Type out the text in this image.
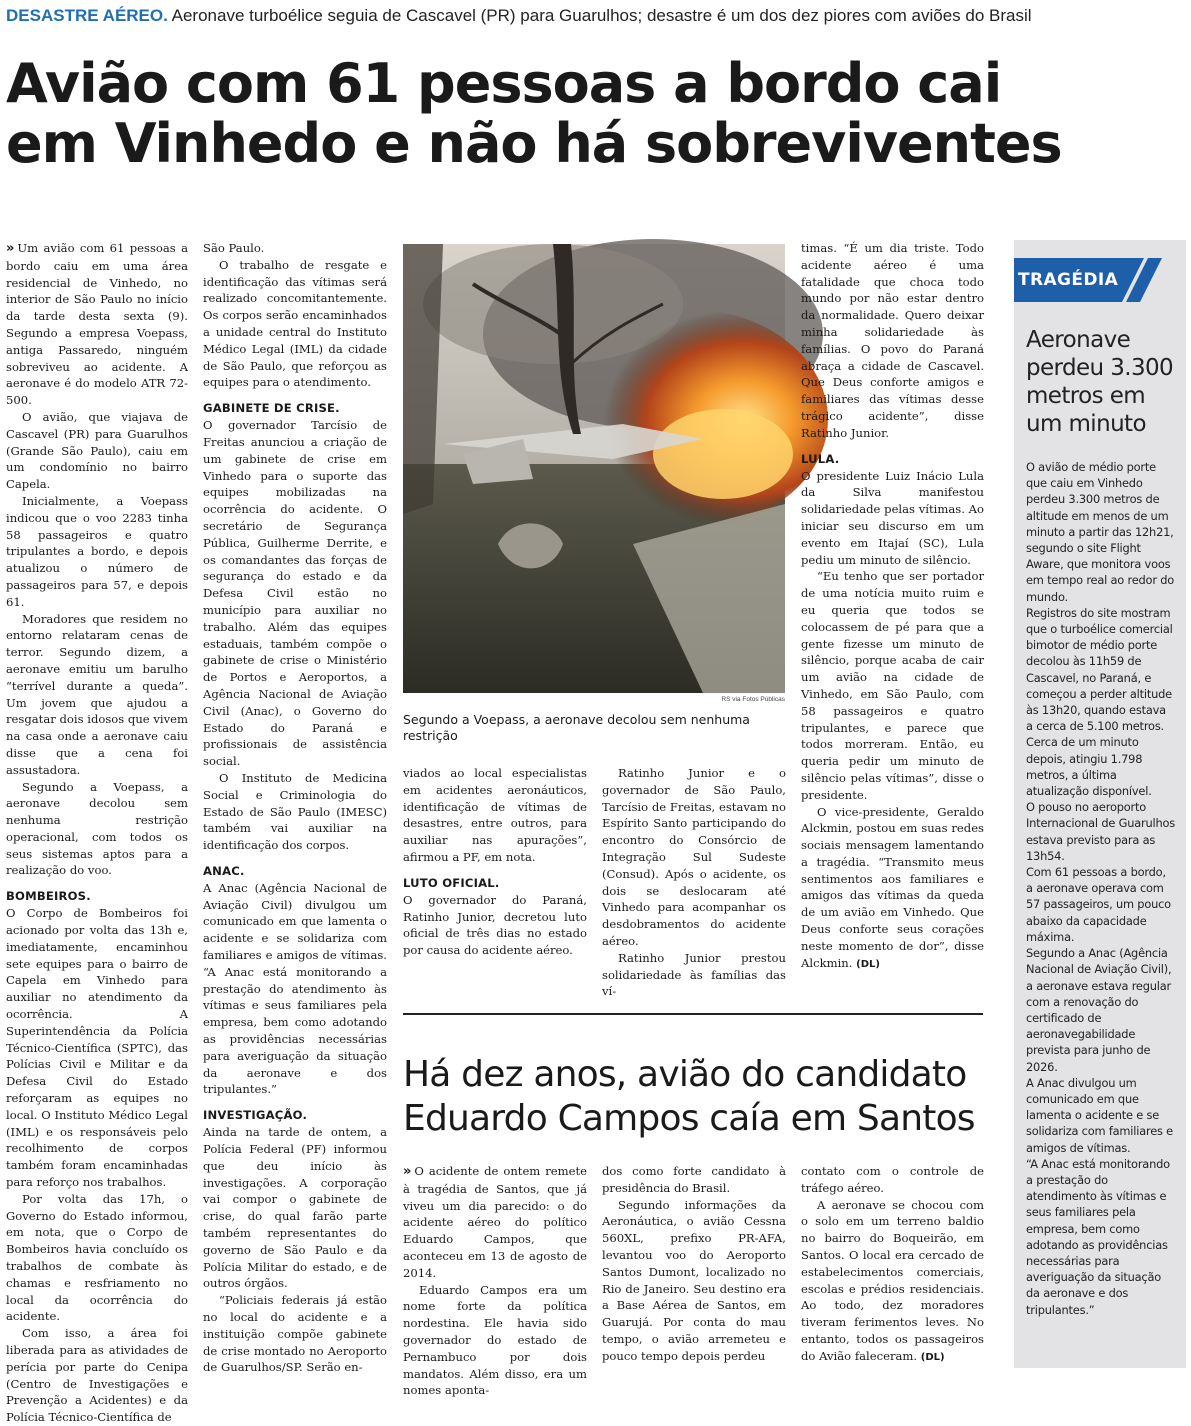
DESASTRE AÉREO. Aeronave turboélice seguia de Cascavel (PR) para Guarulhos; desastre é um dos dez piores com aviões do Brasil
Avião com 61 pessoas a bordo cai
em Vinhedo e não há sobreviventes

» Um avião com 61 pessoas a bordo caiu em uma área residencial de Vinhedo, no interior de São Paulo no início da tarde desta sexta (9). Segundo a empresa Voepass, antiga Passaredo, ninguém sobreviveu ao acidente. A aeronave é do modelo ATR 72-500.

O avião, que viajava de Cascavel (PR) para Guarulhos (Grande São Paulo), caiu em um condomínio no bairro Capela.

Inicialmente, a Voepass indicou que o voo 2283 tinha 58 passageiros e quatro tripulantes a bordo, e depois atualizou o número de passageiros para 57, e depois 61.

Moradores que residem no entorno relataram cenas de terror. Segundo dizem, a aeronave emitiu um barulho “terrível durante a queda”. Um jovem que ajudou a resgatar dois idosos que vivem na casa onde a aeronave caiu disse que a cena foi assustadora.

Segundo a Voepass, a aeronave decolou sem nenhuma restrição operacional, com todos os seus sistemas aptos para a realização do voo.

BOMBEIROS.

O Corpo de Bombeiros foi acionado por volta das 13h e, imediatamente, encaminhou sete equipes para o bairro de Capela em Vinhedo para auxiliar no atendimento da ocorrência. A Superintendência da Polícia Técnico-Científica (SPTC), das Polícias Civil e Militar e da Defesa Civil do Estado reforçaram as equipes no local. O Instituto Médico Legal (IML) e os responsáveis pelo recolhimento de corpos também foram encaminhadas para reforço nos trabalhos.

Por volta das 17h, o Governo do Estado informou, em nota, que o Corpo de Bombeiros havia concluído os trabalhos de combate às chamas e resfriamento no local da ocorrência do acidente.

Com isso, a área foi liberada para as atividades de perícia por parte do Cenipa (Centro de Investigações e Prevenção a Acidentes) e da Polícia Técnico-Científica de

São Paulo.

O trabalho de resgate e identificação das vítimas será realizado concomitantemente. Os corpos serão encaminhados a unidade central do Instituto Médico Legal (IML) da cidade de São Paulo, que reforçou as equipes para o atendimento.

GABINETE DE CRISE.

O governador Tarcísio de Freitas anunciou a criação de um gabinete de crise em Vinhedo para o suporte das equipes mobilizadas na ocorrência do acidente. O secretário de Segurança Pública, Guilherme Derrite, e os comandantes das forças de segurança do estado e da Defesa Civil estão no município para auxiliar no trabalho. Além das equipes estaduais, também compõe o gabinete de crise o Ministério de Portos e Aeroportos, a Agência Nacional de Aviação Civil (Anac), o Governo do Estado do Paraná e profissionais de assistência social.

O Instituto de Medicina Social e Criminologia do Estado de São Paulo (IMESC) também vai auxiliar na identificação dos corpos.

ANAC.

A Anac (Agência Nacional de Aviação Civil) divulgou um comunicado em que lamenta o acidente e se solidariza com familiares e amigos de vítimas. “A Anac está monitorando a prestação do atendimento às vítimas e seus familiares pela empresa, bem como adotando as providências necessárias para averiguação da situação da aeronave e dos tripulantes.”

INVESTIGAÇÃO.

Ainda na tarde de ontem, a Polícia Federal (PF) informou que deu início às investigações. A corporação vai compor o gabinete de crise, do qual farão parte também representantes do governo de São Paulo e da Polícia Militar do estado, e de outros órgãos.

“Policiais federais já estão no local do acidente e a instituição compõe gabinete de crise montado no Aeroporto de Guarulhos/SP. Serão en-

RS via Fotos Públicas
Segundo a Voepass, a aeronave decolou sem nenhuma restrição

viados ao local especialistas em acidentes aeronáuticos, identificação de vítimas de desastres, entre outros, para auxiliar nas apurações”, afirmou a PF, em nota.

LUTO OFICIAL.

O governador do Paraná, Ratinho Junior, decretou luto oficial de três dias no estado por causa do acidente aéreo.

Ratinho Junior e o governador de São Paulo, Tarcísio de Freitas, estavam no Espírito Santo participando do encontro do Consórcio de Integração Sul Sudeste (Consud). Após o acidente, os dois se deslocaram até Vinhedo para acompanhar os desdobramentos do acidente aéreo.

Ratinho Junior prestou solidariedade às famílias das ví-

timas. “É um dia triste. Todo acidente aéreo é uma fatalidade que choca todo mundo por não estar dentro da normalidade. Quero deixar minha solidariedade às famílias. O povo do Paraná abraça a cidade de Cascavel. Que Deus conforte amigos e familiares das vítimas desse trágico acidente”, disse Ratinho Junior.

LULA.

O presidente Luiz Inácio Lula da Silva manifestou solidariedade pelas vítimas. Ao iniciar seu discurso em um evento em Itajaí (SC), Lula pediu um minuto de silêncio.

“Eu tenho que ser portador de uma notícia muito ruim e eu queria que todos se colocassem de pé para que a gente fizesse um minuto de silêncio, porque acaba de cair um avião na cidade de Vinhedo, em São Paulo, com 58 passageiros e quatro tripulantes, e parece que todos morreram. Então, eu queria pedir um minuto de silêncio pelas vítimas”, disse o presidente.

O vice-presidente, Geraldo Alckmin, postou em suas redes sociais mensagem lamentando a tragédia. “Transmito meus sentimentos aos familiares e amigos das vítimas da queda de um avião em Vinhedo. Que Deus conforte seus corações neste momento de dor”, disse Alckmin. (DL)

Há dez anos, avião do candidato
Eduardo Campos caía em Santos

» O acidente de ontem remete à tragédia de Santos, que já viveu um dia parecido: o do acidente aéreo do político Eduardo Campos, que aconteceu em 13 de agosto de 2014.

Eduardo Campos era um nome forte da política nordestina. Ele havia sido governador do estado de Pernambuco por dois mandatos. Além disso, era um nomes aponta-

dos como forte candidato à presidência do Brasil.

Segundo informações da Aeronáutica, o avião Cessna 560XL, prefixo PR-AFA, levantou voo do Aeroporto Santos Dumont, localizado no Rio de Janeiro. Seu destino era a Base Aérea de Santos, em Guarujá. Por conta do mau tempo, o avião arremeteu e pouco tempo depois perdeu

contato com o controle de tráfego aéreo.

A aeronave se chocou com o solo em um terreno baldio no bairro do Boqueirão, em Santos. O local era cercado de estabelecimentos comerciais, escolas e prédios residenciais. Ao todo, dez moradores tiveram ferimentos leves. No entanto, todos os passageiros do Avião faleceram. (DL)

TRAGÉDIA
Aeronave
perdeu 3.300
metros em
um minuto

O avião de médio porte que caiu em Vinhedo perdeu 3.300 metros de altitude em menos de um minuto a partir das 12h21, segundo o site Flight Aware, que monitora voos em tempo real ao redor do mundo.

Registros do site mostram que o turboélice comercial bimotor de médio porte decolou às 11h59 de Cascavel, no Paraná, e começou a perder altitude às 13h20, quando estava a cerca de 5.100 metros. Cerca de um minuto depois, atingiu 1.798 metros, a última atualização disponível.

O pouso no aeroporto Internacional de Guarulhos estava previsto para as 13h54.

Com 61 pessoas a bordo, a aeronave operava com 57 passageiros, um pouco abaixo da capacidade máxima.

Segundo a Anac (Agência Nacional de Aviação Civil), a aeronave estava regular com a renovação do certificado de aeronavegabilidade prevista para junho de 2026.

A Anac divulgou um comunicado em que lamenta o acidente e se solidariza com familiares e amigos de vítimas.

“A Anac está monitorando a prestação do atendimento às vítimas e seus familiares pela empresa, bem como adotando as providências necessárias para averiguação da situação da aeronave e dos tripulantes.”
